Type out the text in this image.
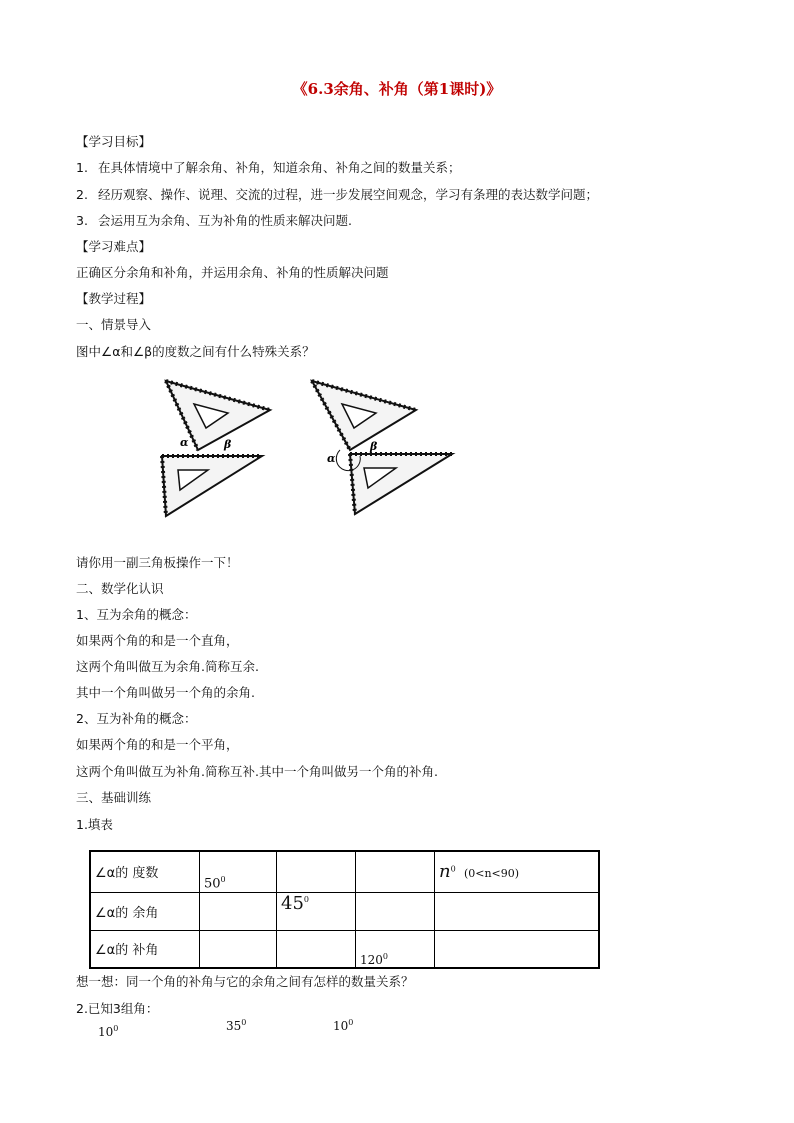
《6.3余角、补角（第1课时)》
【学习目标】
1. 在具体情境中了解余角、补角，知道余角、补角之间的数量关系；
2. 经历观察、操作、说理、交流的过程，进一步发展空间观念，学习有条理的表达数学问题；
3. 会运用互为余角、互为补角的性质来解决问题.
【学习难点】
正确区分余角和补角，并运用余角、补角的性质解决问题
【教学过程】
一、情景导入
图中∠α和∠β的度数之间有什么特殊关系？
α	β
α
β
请你用一副三角板操作一下！
二、数学化认识
1、互为余角的概念：
如果两个角的和是一个直角，
这两个角叫做互为余角.简称互余.
其中一个角叫做另一个角的余角.
2、互为补角的概念：
如果两个角的和是一个平角，
这两个角叫做互为补角.简称互补.其中一个角叫做另一个角的补角.
三、基础训练
1.填表
∠α的 度数	$50^0$			$n^0$ (0<n<90)
∠α的 余角		$45^0$		
∠α的 补角			$120^0$	
想一想：同一个角的补角与它的余角之间有怎样的数量关系？
2.已知3组角：
$10^0$	$35^0$	$10^0$
